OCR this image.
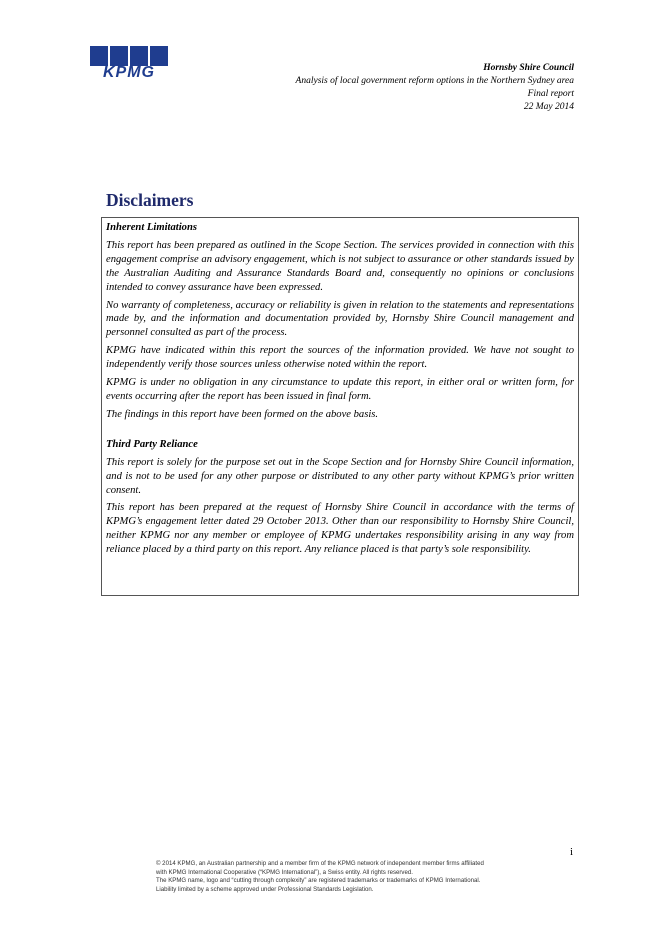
KPMG	Hornsby Shire Council
Analysis of local government reform options in the Northern Sydney area
Final report
22 May 2014
Disclaimers
Inherent Limitations

This report has been prepared as outlined in the Scope Section. The services provided in connection with this engagement comprise an advisory engagement, which is not subject to assurance or other standards issued by the Australian Auditing and Assurance Standards Board and, consequently no opinions or conclusions intended to convey assurance have been expressed.

No warranty of completeness, accuracy or reliability is given in relation to the statements and representations made by, and the information and documentation provided by, Hornsby Shire Council management and personnel consulted as part of the process.

KPMG have indicated within this report the sources of the information provided. We have not sought to independently verify those sources unless otherwise noted within the report.

KPMG is under no obligation in any circumstance to update this report, in either oral or written form, for events occurring after the report has been issued in final form.

The findings in this report have been formed on the above basis.

Third Party Reliance

This report is solely for the purpose set out in the Scope Section and for Hornsby Shire Council information, and is not to be used for any other purpose or distributed to any other party without KPMG’s prior written consent.

This report has been prepared at the request of Hornsby Shire Council in accordance with the terms of KPMG’s engagement letter dated 29 October 2013. Other than our responsibility to Hornsby Shire Council, neither KPMG nor any member or employee of KPMG undertakes responsibility arising in any way from reliance placed by a third party on this report. Any reliance placed is that party’s sole responsibility.

i
© 2014 KPMG, an Australian partnership and a member firm of the KPMG network of independent member firms affiliated
with KPMG International Cooperative (“KPMG International”), a Swiss entity. All rights reserved.
The KPMG name, logo and “cutting through complexity” are registered trademarks or trademarks of KPMG International.
Liability limited by a scheme approved under Professional Standards Legislation.
